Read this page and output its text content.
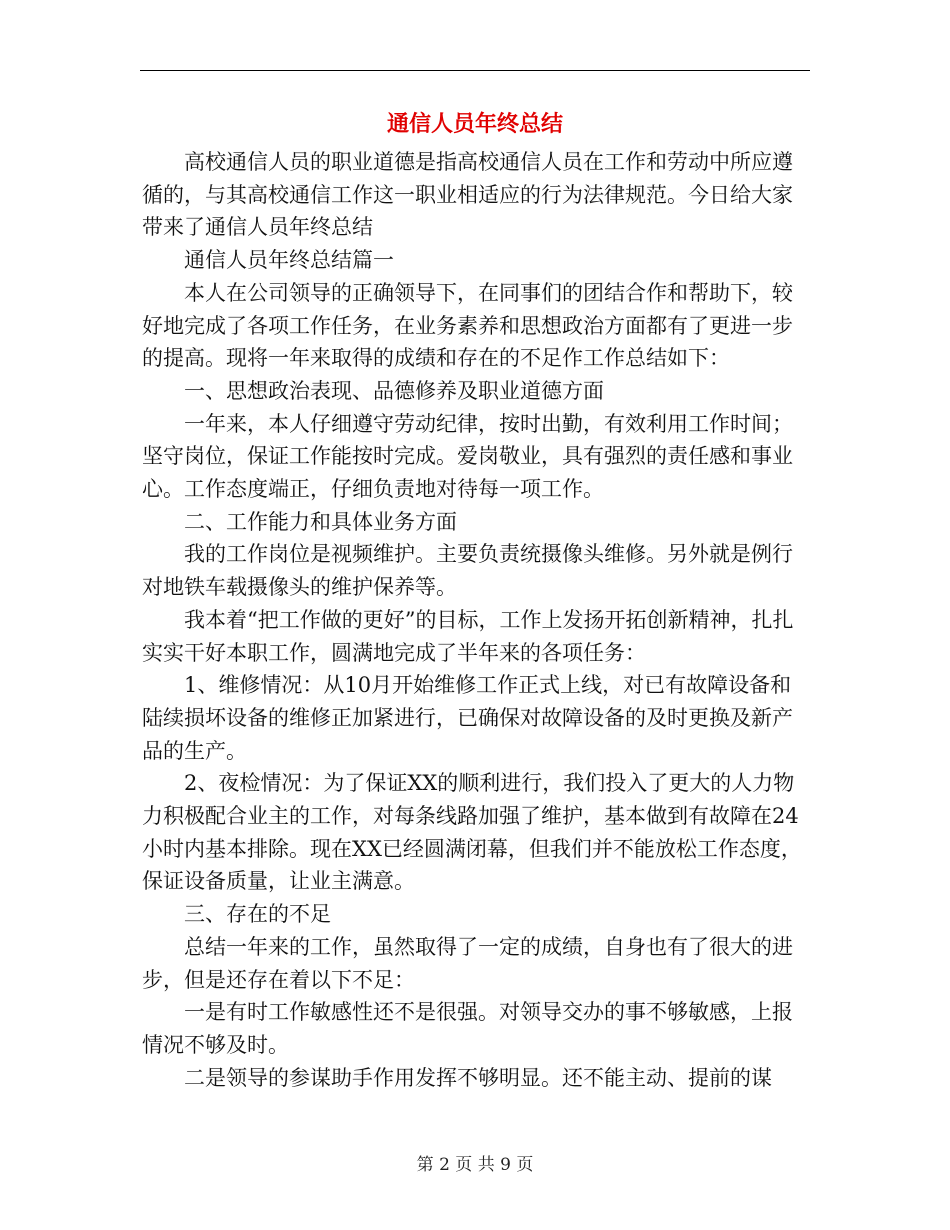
通信人员年终总结

高校通信人员的职业道德是指高校通信人员在工作和劳动中所应遵循的，与其高校通信工作这一职业相适应的行为法律规范。今日给大家带来了通信人员年终总结

通信人员年终总结篇一

本人在公司领导的正确领导下，在同事们的团结合作和帮助下，较好地完成了各项工作任务，在业务素养和思想政治方面都有了更进一步的提高。现将一年来取得的成绩和存在的不足作工作总结如下：

一、思想政治表现、品德修养及职业道德方面

一年来，本人仔细遵守劳动纪律，按时出勤，有效利用工作时间；坚守岗位，保证工作能按时完成。爱岗敬业，具有强烈的责任感和事业心。工作态度端正，仔细负责地对待每一项工作。

二、工作能力和具体业务方面

我的工作岗位是视频维护。主要负责统摄像头维修。另外就是例行对地铁车载摄像头的维护保养等。

我本着“把工作做的更好”的目标，工作上发扬开拓创新精神，扎扎实实干好本职工作，圆满地完成了半年来的各项任务：

1、维修情况：从10月开始维修工作正式上线，对已有故障设备和陆续损坏设备的维修正加紧进行，已确保对故障设备的及时更换及新产品的生产。

2、夜检情况：为了保证XX的顺利进行，我们投入了更大的人力物力积极配合业主的工作，对每条线路加强了维护，基本做到有故障在24小时内基本排除。现在XX已经圆满闭幕，但我们并不能放松工作态度，保证设备质量，让业主满意。

三、存在的不足

总结一年来的工作，虽然取得了一定的成绩，自身也有了很大的进步，但是还存在着以下不足：

一是有时工作敏感性还不是很强。对领导交办的事不够敏感，上报情况不够及时。

二是领导的参谋助手作用发挥不够明显。还不能主动、提前的谋

第 2 页 共 9 页
